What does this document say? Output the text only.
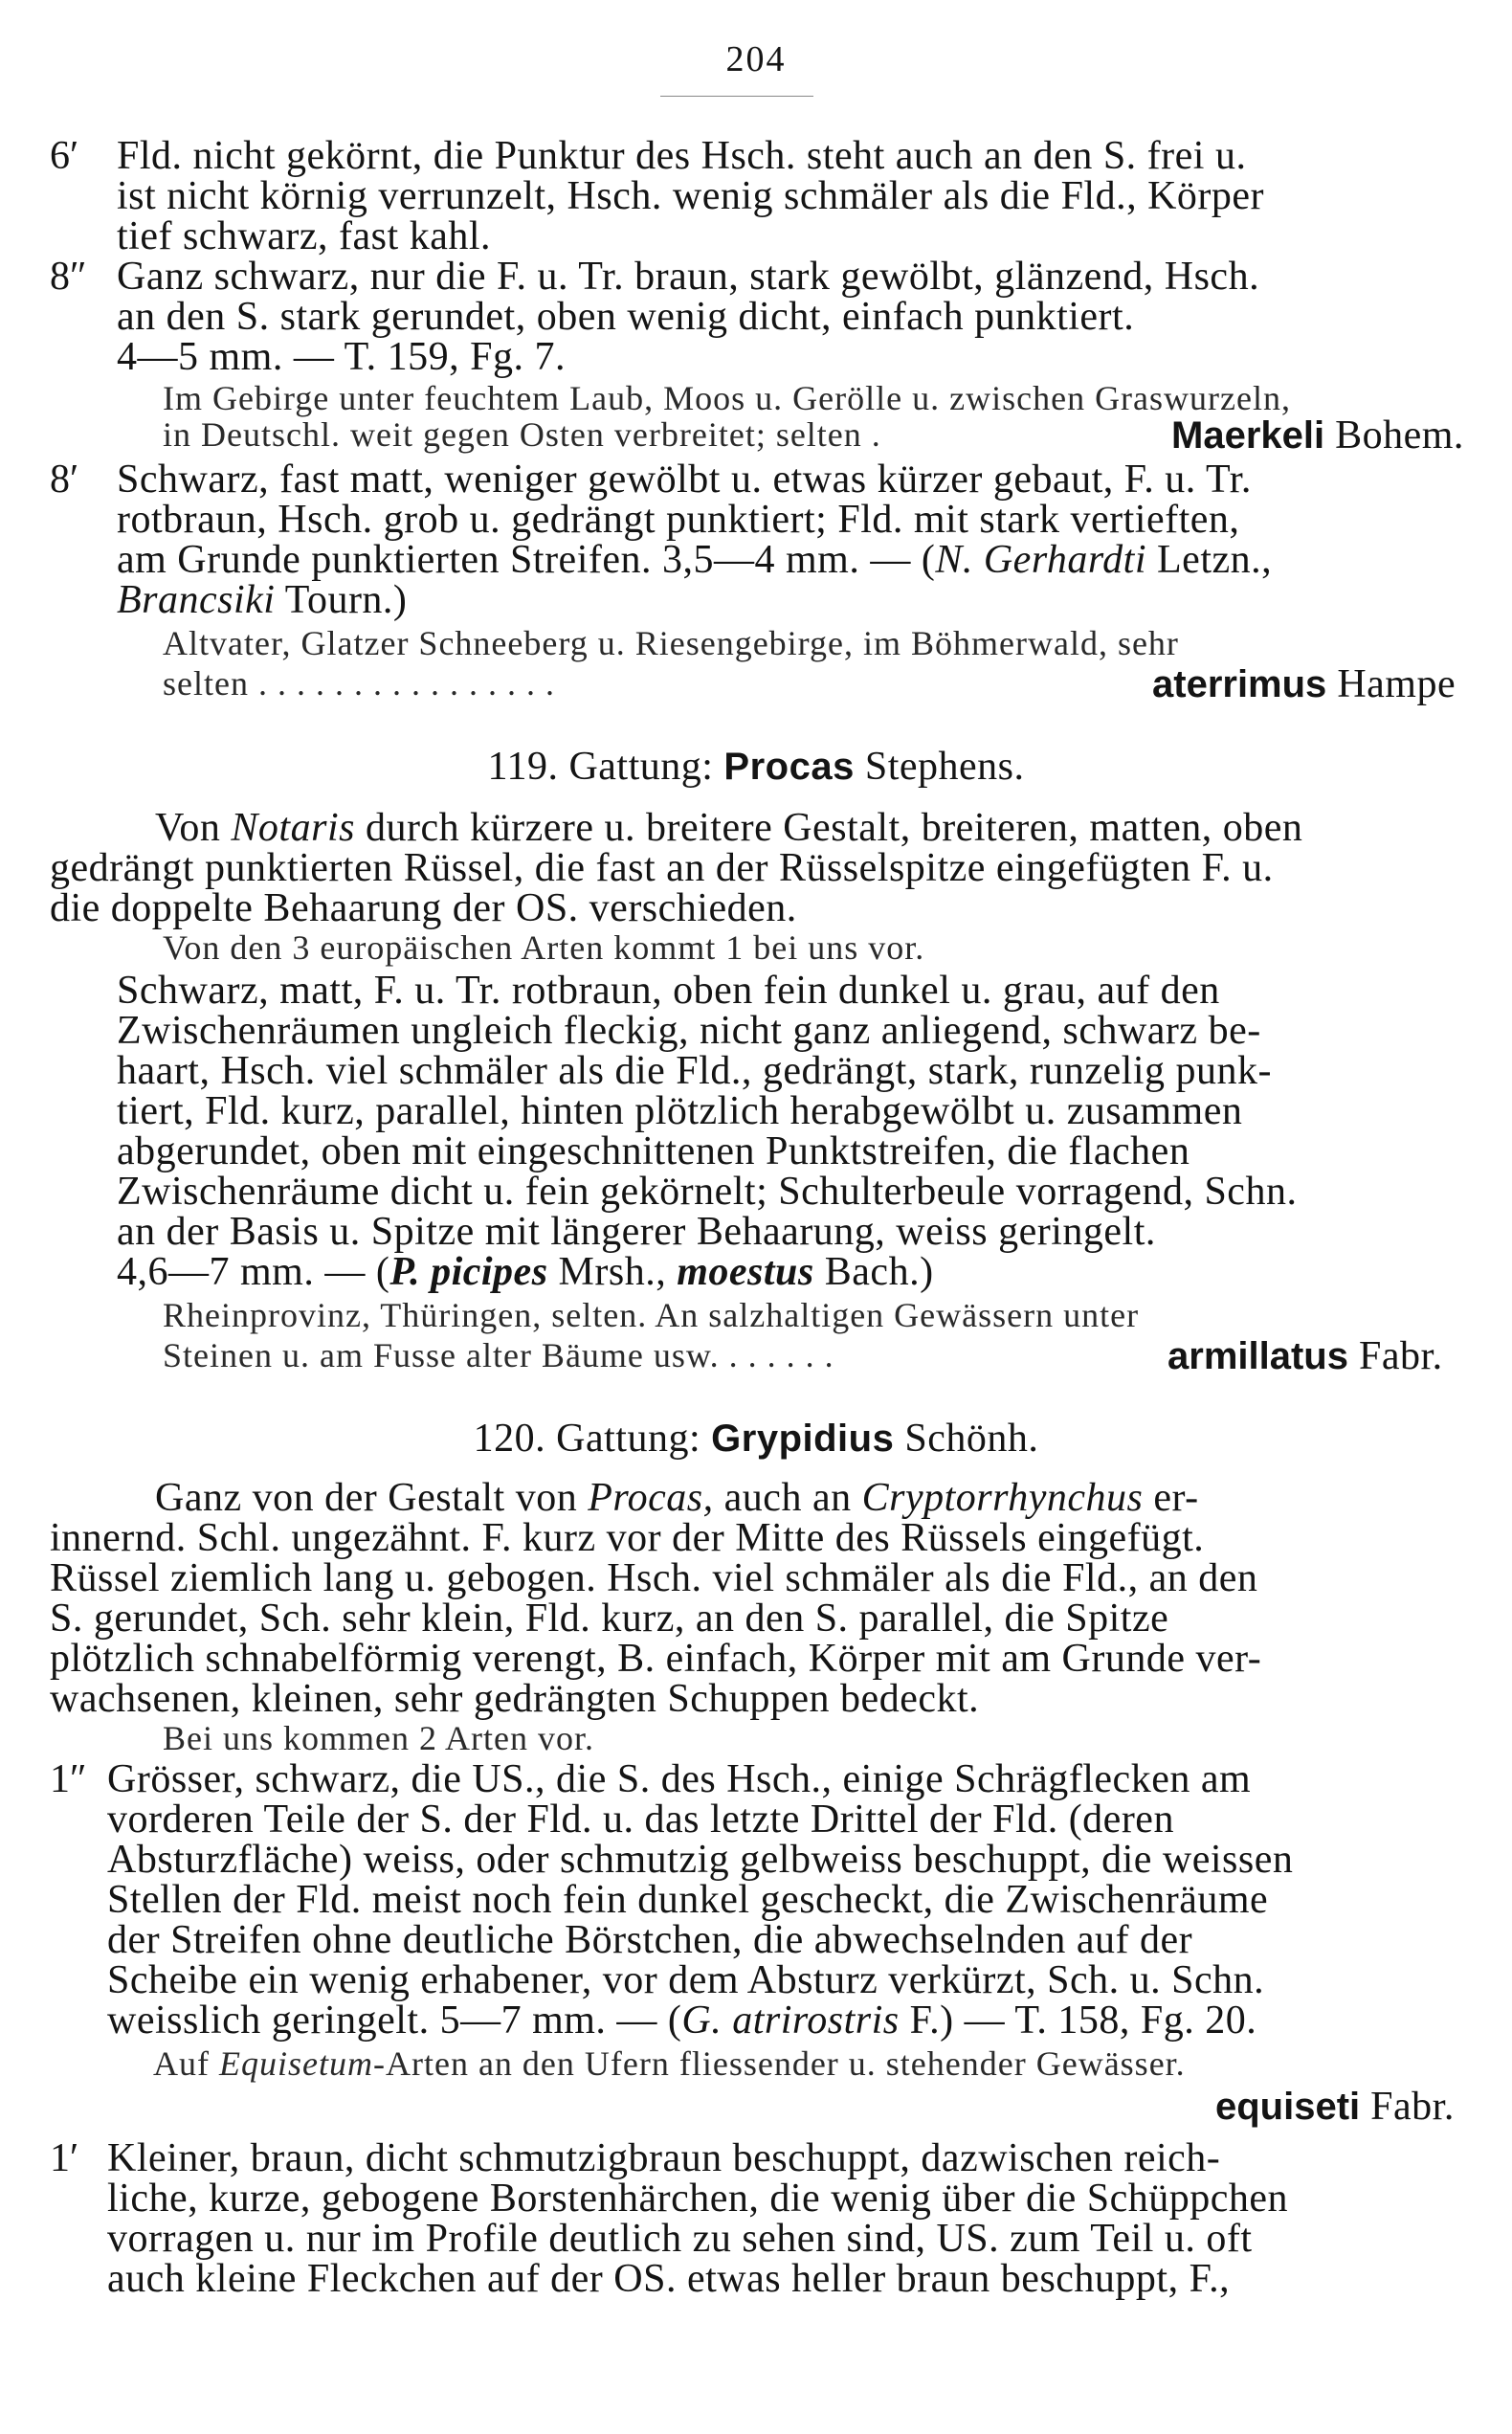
204
6′ Fld. nicht gekörnt, die Punktur des Hsch. steht auch an den S. frei u.
ist nicht körnig verrunzelt, Hsch. wenig schmäler als die Fld., Körper
tief schwarz, fast kahl.
8″ Ganz schwarz, nur die F. u. Tr. braun, stark gewölbt, glänzend, Hsch.
an den S. stark gerundet, oben wenig dicht, einfach punktiert.
4—5 mm. — T. 159, Fg. 7.
Im Gebirge unter feuchtem Laub, Moos u. Gerölle u. zwischen Graswurzeln,
in Deutschl. weit gegen Osten verbreitet; selten .	Maerkeli Bohem.
8′ Schwarz, fast matt, weniger gewölbt u. etwas kürzer gebaut, F. u. Tr.
rotbraun, Hsch. grob u. gedrängt punktiert; Fld. mit stark vertieften,
am Grunde punktierten Streifen. 3,5—4 mm. — (N. Gerhardti Letzn.,
Brancsiki Tourn.)
Altvater, Glatzer Schneeberg u. Riesengebirge, im Böhmerwald, sehr
selten . . . . . . . . . . . . . . . .	aterrimus Hampe
119. Gattung: Procas Stephens.
Von Notaris durch kürzere u. breitere Gestalt, breiteren, matten, oben
gedrängt punktierten Rüssel, die fast an der Rüsselspitze eingefügten F. u.
die doppelte Behaarung der OS. verschieden.
Von den 3 europäischen Arten kommt 1 bei uns vor.
Schwarz, matt, F. u. Tr. rotbraun, oben fein dunkel u. grau, auf den
Zwischenräumen ungleich fleckig, nicht ganz anliegend, schwarz be-
haart, Hsch. viel schmäler als die Fld., gedrängt, stark, runzelig punk-
tiert, Fld. kurz, parallel, hinten plötzlich herabgewölbt u. zusammen
abgerundet, oben mit eingeschnittenen Punktstreifen, die flachen
Zwischenräume dicht u. fein gekörnelt; Schulterbeule vorragend, Schn.
an der Basis u. Spitze mit längerer Behaarung, weiss geringelt.
4,6—7 mm. — (P. picipes Mrsh., moestus Bach.)
Rheinprovinz, Thüringen, selten. An salzhaltigen Gewässern unter
Steinen u. am Fusse alter Bäume usw. . . . . . .	armillatus Fabr.
120. Gattung: Grypidius Schönh.
Ganz von der Gestalt von Procas, auch an Cryptorrhynchus er-
innernd. Schl. ungezähnt. F. kurz vor der Mitte des Rüssels eingefügt.
Rüssel ziemlich lang u. gebogen. Hsch. viel schmäler als die Fld., an den
S. gerundet, Sch. sehr klein, Fld. kurz, an den S. parallel, die Spitze
plötzlich schnabelförmig verengt, B. einfach, Körper mit am Grunde ver-
wachsenen, kleinen, sehr gedrängten Schuppen bedeckt.
Bei uns kommen 2 Arten vor.
1″ Grösser, schwarz, die US., die S. des Hsch., einige Schrägflecken am
vorderen Teile der S. der Fld. u. das letzte Drittel der Fld. (deren
Absturzfläche) weiss, oder schmutzig gelbweiss beschuppt, die weissen
Stellen der Fld. meist noch fein dunkel gescheckt, die Zwischenräume
der Streifen ohne deutliche Börstchen, die abwechselnden auf der
Scheibe ein wenig erhabener, vor dem Absturz verkürzt, Sch. u. Schn.
weisslich geringelt. 5—7 mm. — (G. atrirostris F.) — T. 158, Fg. 20.
Auf Equisetum-Arten an den Ufern fliessender u. stehender Gewässer.
equiseti Fabr.
1′ Kleiner, braun, dicht schmutzigbraun beschuppt, dazwischen reich-
liche, kurze, gebogene Borstenhärchen, die wenig über die Schüppchen
vorragen u. nur im Profile deutlich zu sehen sind, US. zum Teil u. oft
auch kleine Fleckchen auf der OS. etwas heller braun beschuppt, F.,
